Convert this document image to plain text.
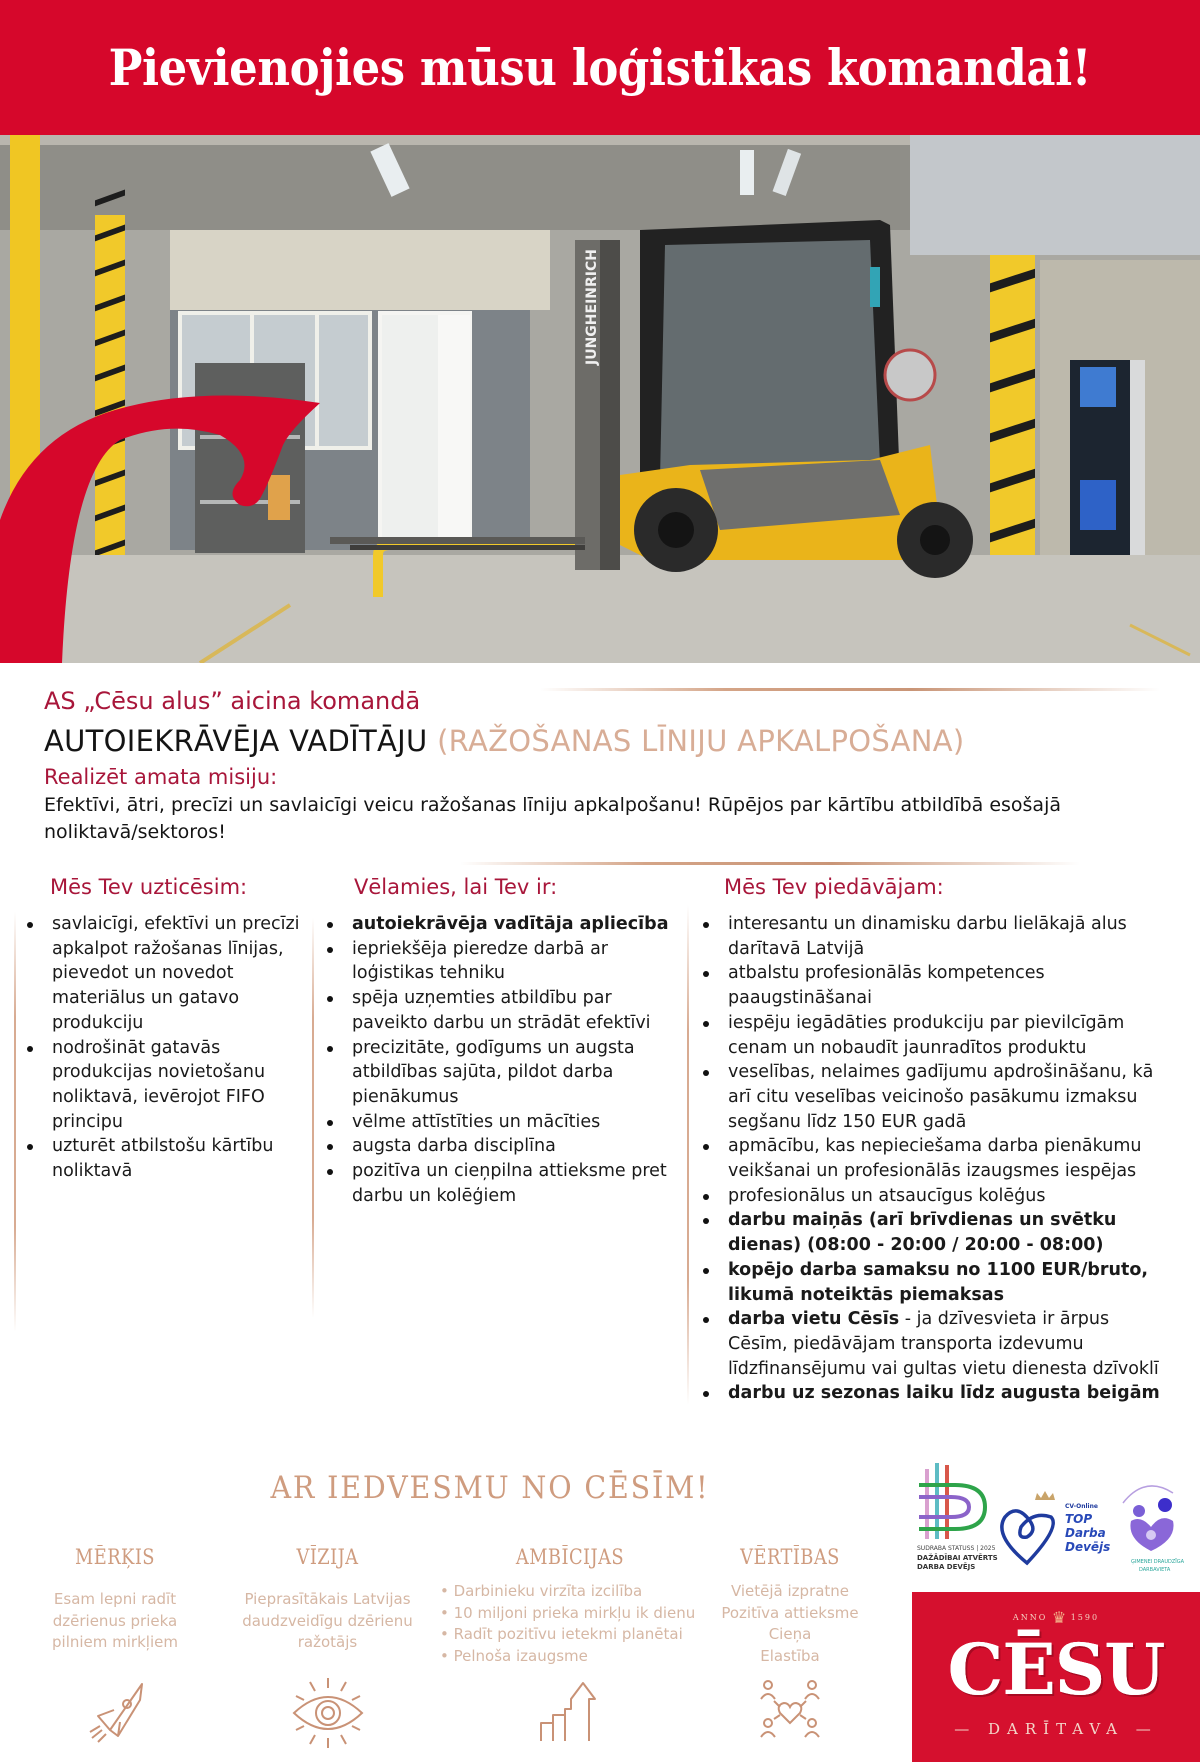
Pievienojies mūsu loģistikas komandai!
JUNGHEINRICH
AS „Cēsu alus” aicina komandā
AUTOIEKRĀVĒJA VADĪTĀJU (RAŽOŠANAS LĪNIJU APKALPOŠANA)
Realizēt amata misiju:

Efektīvi, ātri, precīzi un savlaicīgi veicu ražošanas līniju apkalpošanu! Rūpējos par kārtību atbildībā esošajā noliktavā/sektoros!

Mēs Tev uzticēsim:
savlaicīgi, efektīvi un precīzi apkalpot ražošanas līnijas, pievedot un novedot materiālus un gatavo produkciju
nodrošināt gatavās produkcijas novietošanu noliktavā, ievērojot FIFO principu
uzturēt atbilstošu kārtību noliktavā
Vēlamies, lai Tev ir:
autoiekrāvēja vadītāja apliecība
iepriekšēja pieredze darbā ar loģistikas tehniku
spēja uzņemties atbildību par paveikto darbu un strādāt efektīvi
precizitāte, godīgums un augsta atbildības sajūta, pildot darba pienākumus
vēlme attīstīties un mācīties
augsta darba disciplīna
pozitīva un cieņpilna attieksme pret darbu un kolēģiem
Mēs Tev piedāvājam:
interesantu un dinamisku darbu lielākajā alus darītavā Latvijā
atbalstu profesionālās kompetences paaugstināšanai
iespēju iegādāties produkciju par pievilcīgām cenam un nobaudīt jaunradītos produktu
veselības, nelaimes gadījumu apdrošināšanu, kā arī citu veselības veicinošo pasākumu izmaksu segšanu līdz 150 EUR gadā
apmācību, kas nepieciešama darba pienākumu veikšanai un profesionālās izaugsmes iespējas
profesionālus un atsaucīgus kolēģus
darbu maiņās (arī brīvdienas un svētku dienas) (08:00 - 20:00 / 20:00 - 08:00)
kopējo darba samaksu no 1100 EUR/bruto, likumā noteiktās piemaksas
darba vietu Cēsīs - ja dzīvesvieta ir ārpus Cēsīm, piedāvājam transporta izdevumu līdzfinansējumu vai gultas vietu dienesta dzīvoklī
darbu uz sezonas laiku līdz augusta beigām
AR IEDVESMU NO CĒSĪM!
MĒRĶIS
Esam lepni radīt
dzērienus prieka
pilniem mirkļiem
VĪZIJA
Pieprasītākais Latvijas
daudzveidīgu dzērienu
ražotājs
AMBĪCIJAS
• Darbinieku virzīta izcilība
• 10 miljoni prieka mirkļu ik dienu
• Radīt pozitīvu ietekmi planētai
• Pelnoša izaugsme
VĒRTĪBAS
Vietējā izpratne
Pozitīva attieksme
Cieņa
Elastība
SUDRABA STATUSS | 2025
DAŽĀDĪBAI ATVĒRTS
DARBA DEVĒJS
CV-Online
TOP
Darba
Devējs
ĢIMENEI DRAUDZĪGA
DARBAVIETA
ANNO ♛ 1590
CĒSU
— DARĪTAVA —
